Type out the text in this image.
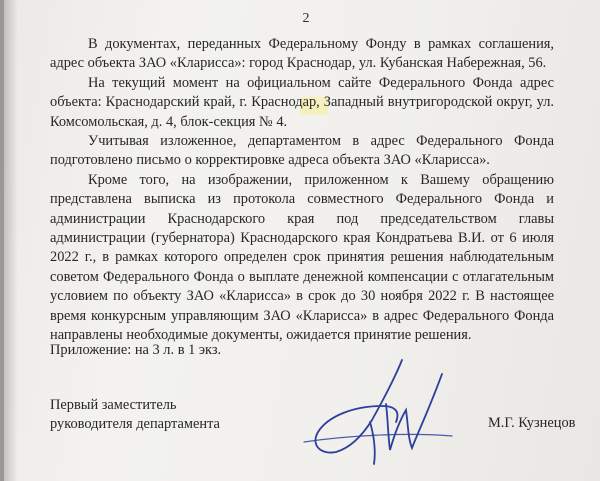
2

В документах, переданных Федеральному Фонду в рамках соглашения, адрес объекта ЗАО «Кларисса»: город Краснодар, ул. Кубанская Набережная, 56.

На текущий момент на официальном сайте Федерального Фонда адрес объекта: Краснодарский край, г. Краснодар, Западный внутригородской округ, ул. Комсомольская, д. 4, блок-секция № 4.

Учитывая изложенное, департаментом в адрес Федерального Фонда подготовлено письмо о корректировке адреса объекта ЗАО «Кларисса».

Кроме того, на изображении, приложенном к Вашему обращению представлена выписка из протокола совместного Федерального Фонда и администрации Краснодарского края под председательством главы администрации (губернатора) Краснодарского края Кондратьева В.И. от 6 июля 2022 г., в рамках которого определен срок принятия решения наблюдательным советом Федерального Фонда о выплате денежной компенсации с отлагательным условием по объекту ЗАО «Кларисса» в срок до 30 ноября 2022 г. В настоящее время конкурсным управляющим ЗАО «Кларисса» в адрес Федерального Фонда направлены необходимые документы, ожидается принятие решения.

Приложение: на 3 л. в 1 экз.
Первый заместитель
руководителя департамента	М.Г. Кузнецов
